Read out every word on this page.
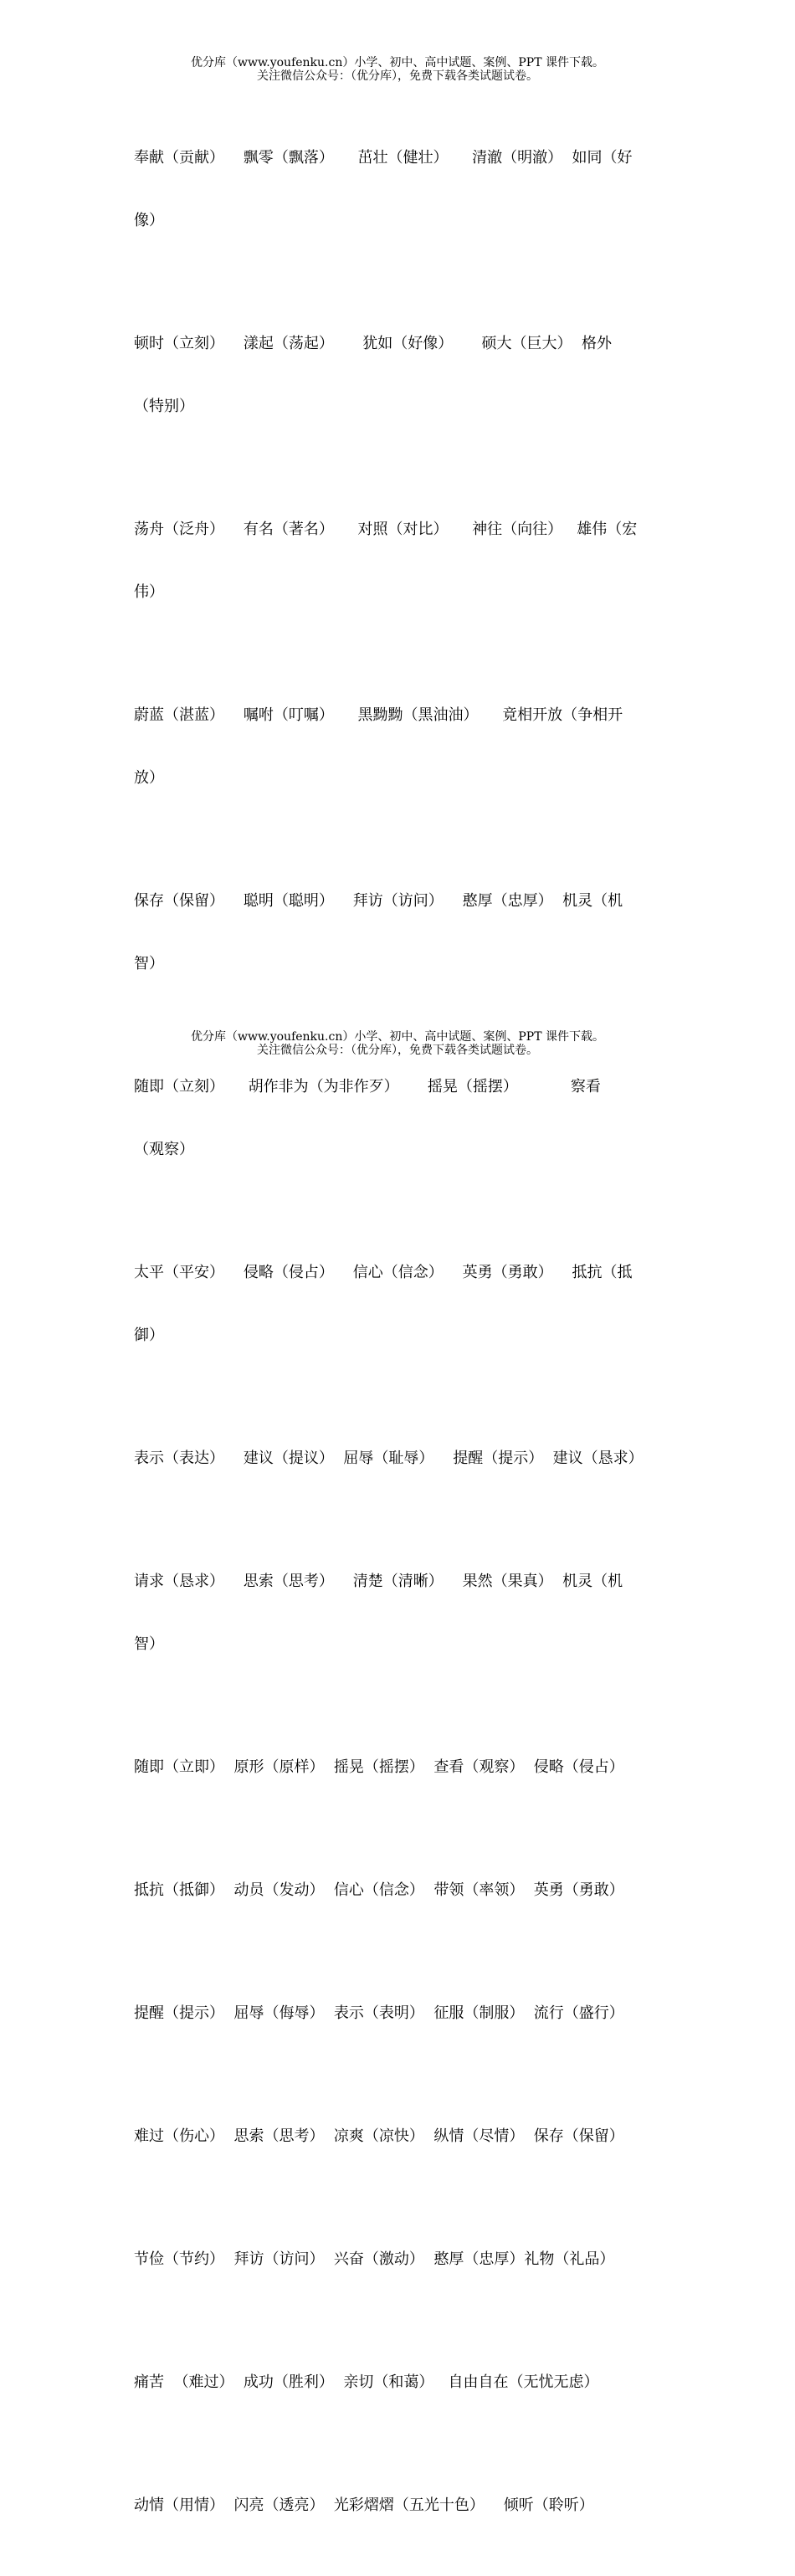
优分库（www.youfenku.cn）小学、初中、高中试题、案例、PPT 课件下载。
关注微信公众号：（优分库），免费下载各类试题试卷。

奉献（贡献）    飘零（飘落）     茁壮（健壮）     清澈（明澈）  如同（好

像）

顿时（立刻）    漾起（荡起）      犹如（好像）      硕大（巨大）  格外

（特别）

荡舟（泛舟）    有名（著名）     对照（对比）     神往（向往）   雄伟（宏

伟）

蔚蓝（湛蓝）    嘱咐（叮嘱）     黑黝黝（黑油油）     竟相开放（争相开

放）

保存（保留）    聪明（聪明）    拜访（访问）    憨厚（忠厚）  机灵（机

智）

随即（立刻）     胡作非为（为非作歹）      摇晃（摇摆）           察看

（观察）

太平（平安）    侵略（侵占）    信心（信念）    英勇（勇敢）    抵抗（抵

御）

表示（表达）    建议（提议）  屈辱（耻辱）    提醒（提示）  建议（恳求）

请求（恳求）    思索（思考）    清楚（清晰）    果然（果真）  机灵（机

智）

随即（立即）  原形（原样）  摇晃（摇摆）  查看（观察）  侵略（侵占）

抵抗（抵御）  动员（发动）  信心（信念）  带领（率领）  英勇（勇敢）

提醒（提示）  屈辱（侮辱）  表示（表明）  征服（制服）  流行（盛行）

难过（伤心）  思索（思考）  凉爽（凉快）  纵情（尽情）  保存（保留）

节俭（节约）  拜访（访问）  兴奋（激动）  憨厚（忠厚）礼物（礼品）

痛苦  （难过）  成功（胜利）  亲切（和蔼）   自由自在（无忧无虑）

动情（用情）  闪亮（透亮）  光彩熠熠（五光十色）    倾听（聆听）

优分库（www.youfenku.cn）小学、初中、高中试题、案例、PPT 课件下载。
关注微信公众号：（优分库），免费下载各类试题试卷。
